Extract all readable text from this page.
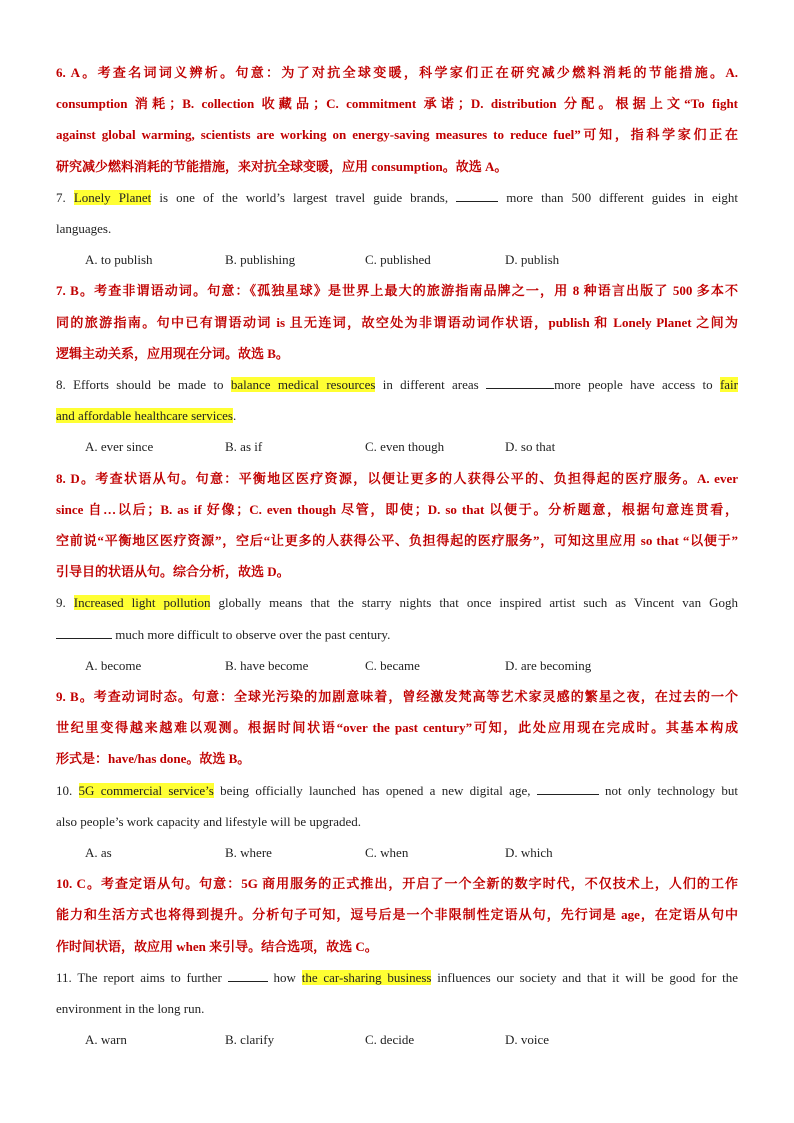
6. A。考查名词词义辨析。句意：为了对抗全球变暖，科学家们正在研究减少燃料消耗的节能措施。A.
consumption 消耗；B. collection 收藏品；C. commitment 承诺；D. distribution 分配。根据上文“To fight
against global warming, scientists are working on energy-saving measures to reduce fuel”可知，指科学家们正在
研究减少燃料消耗的节能措施，来对抗全球变暖，应用 consumption。故选 A。
7. Lonely Planet is one of the world’s largest travel guide brands,	more than 500 different guides in eight
languages.
A. to publish	B. publishing	C. published	D. publish
7. B。考查非谓语动词。句意：《孤独星球》是世界上最大的旅游指南品牌之一，用 8 种语言出版了 500 多本不
同的旅游指南。句中已有谓语动词 is 且无连词，故空处为非谓语动词作状语，publish 和 Lonely Planet 之间为
逻辑主动关系，应用现在分词。故选 B。
8. Efforts should be made to balance medical resources in different areas	more people have access to fair
and affordable healthcare services.
A. ever since	B. as if	C. even though	D. so that
8. D。考查状语从句。句意：平衡地区医疗资源，以便让更多的人获得公平的、负担得起的医疗服务。A. ever
since 自…以后；B. as if 好像；C. even though 尽管，即使；D. so that 以便于。分析题意，根据句意连贯看，
空前说“平衡地区医疗资源”，空后“让更多的人获得公平、负担得起的医疗服务”，可知这里应用 so that “以便于”
引导目的状语从句。综合分析，故选 D。
9. Increased light pollution globally means that the starry nights that once inspired artist such as Vincent van Gogh
much more difficult to observe over the past century.
A. become	B. have become	C. became	D. are becoming
9. B。考查动词时态。句意：全球光污染的加剧意味着，曾经激发梵高等艺术家灵感的繁星之夜，在过去的一个
世纪里变得越来越难以观测。根据时间状语“over the past century”可知，此处应用现在完成时。其基本构成
形式是：have/has done。故选 B。
10. 5G commercial service’s being officially launched has opened a new digital age,	not only technology but
also people’s work capacity and lifestyle will be upgraded.
A. as	B. where	C. when	D. which
10. C。考查定语从句。句意：5G 商用服务的正式推出，开启了一个全新的数字时代，不仅技术上，人们的工作
能力和生活方式也将得到提升。分析句子可知，逗号后是一个非限制性定语从句，先行词是 age，在定语从句中
作时间状语，故应用 when 来引导。结合选项，故选 C。
11. The report aims to further	how the car-sharing business influences our society and that it will be good for the
environment in the long run.
A. warn	B. clarify	C. decide	D. voice
